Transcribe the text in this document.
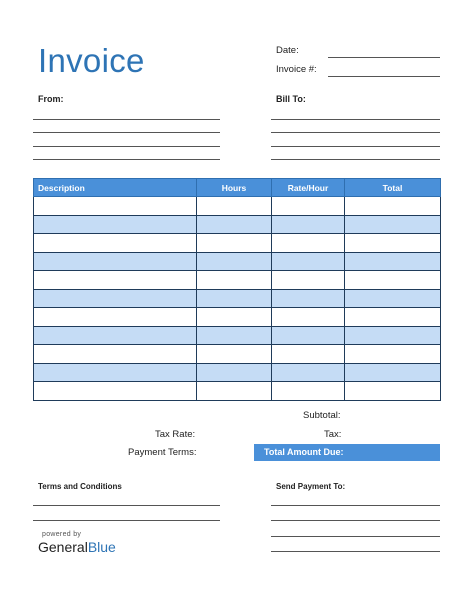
Invoice	Date:
Invoice #:
From:	Bill To:
Description	Hours	Rate/Hour	Total

Subtotal:
Tax Rate:	Tax:
Payment Terms:	Total Amount Due:
Terms and Conditions	Send Payment To:
powered by
GeneralBlue
